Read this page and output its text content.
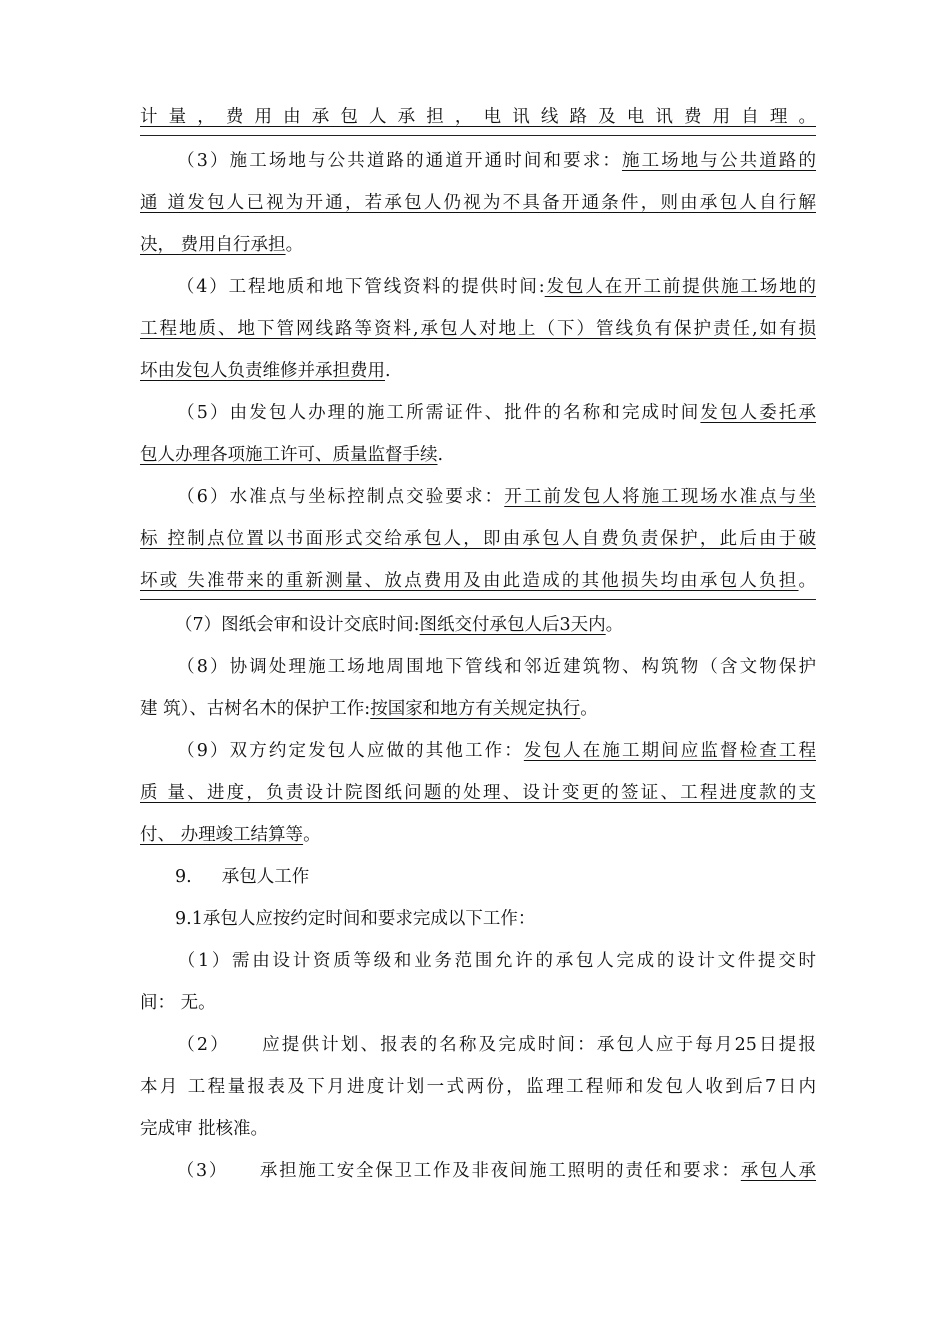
计量，费用由承包人承担，电讯线路及电讯费用自理。

（3）施工场地与公共道路的通道开通时间和要求：施工场地与公共道路的

通 道发包人已视为开通，若承包人仍视为不具备开通条件，则由承包人自行解

决， 费用自行承担。

（4）工程地质和地下管线资料的提供时间:发包人在开工前提供施工场地的

工程地质、地下管网线路等资料,承包人对地上（下）管线负有保护责任,如有损

坏由发包人负责维修并承担费用.

（5）由发包人办理的施工所需证件、批件的名称和完成时间发包人委托承

包人办理各项施工许可、质量监督手续.

（6）水准点与坐标控制点交验要求：开工前发包人将施工现场水准点与坐

标 控制点位置以书面形式交给承包人，即由承包人自费负责保护，此后由于破

坏或 失准带来的重新测量、放点费用及由此造成的其他损失均由承包人负担。

（7）图纸会审和设计交底时间:图纸交付承包人后3天内。

（8）协调处理施工场地周围地下管线和邻近建筑物、构筑物（含文物保护

建 筑）、古树名木的保护工作:按国家和地方有关规定执行。

（9）双方约定发包人应做的其他工作：发包人在施工期间应监督检查工程

质 量、进度，负责设计院图纸问题的处理、设计变更的签证、工程进度款的支

付、 办理竣工结算等。

9. 承包人工作

9.1承包人应按约定时间和要求完成以下工作：

（1）需由设计资质等级和业务范围允许的承包人完成的设计文件提交时

间： 无。

（2） 应提供计划、报表的名称及完成时间：承包人应于每月25日提报

本月 工程量报表及下月进度计划一式两份，监理工程师和发包人收到后7日内

完成审 批核准。

（3） 承担施工安全保卫工作及非夜间施工照明的责任和要求：承包人承
